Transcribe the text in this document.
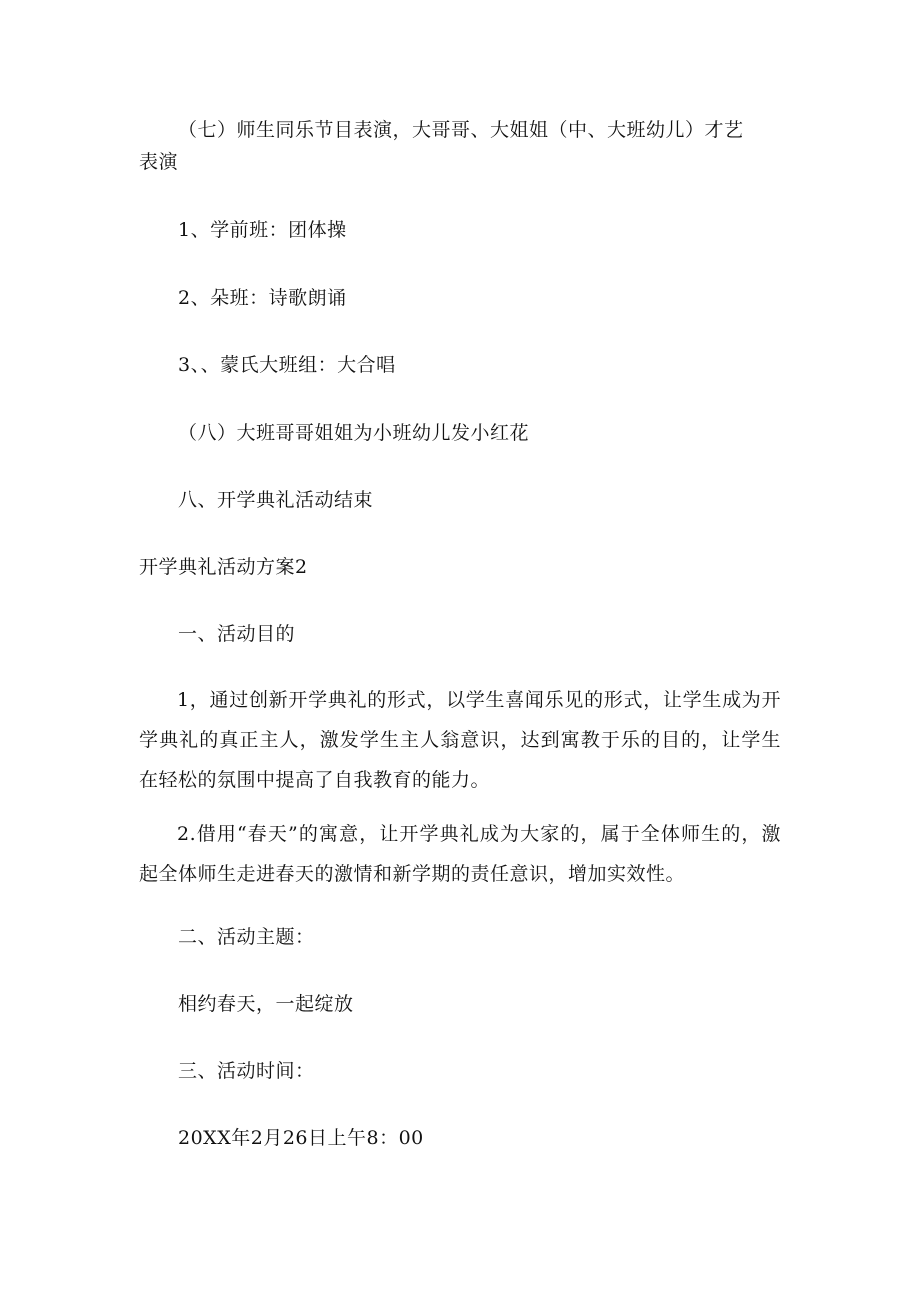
（七）师生同乐节目表演，大哥哥、大姐姐（中、大班幼儿）才艺
表演
1、学前班：团体操
2、朵班：诗歌朗诵
3、、蒙氏大班组：大合唱
（八）大班哥哥姐姐为小班幼儿发小红花
八、开学典礼活动结束
开学典礼活动方案2
一、活动目的
1，通过创新开学典礼的形式，以学生喜闻乐见的形式，让学生成为开学典礼的真正主人，激发学生主人翁意识，达到寓教于乐的目的，让学生在轻松的氛围中提高了自我教育的能力。
2.借用“春天”的寓意，让开学典礼成为大家的，属于全体师生的，激起全体师生走进春天的激情和新学期的责任意识，增加实效性。
二、活动主题：
相约春天，一起绽放
三、活动时间：
20XX年2月26日上午8：00
